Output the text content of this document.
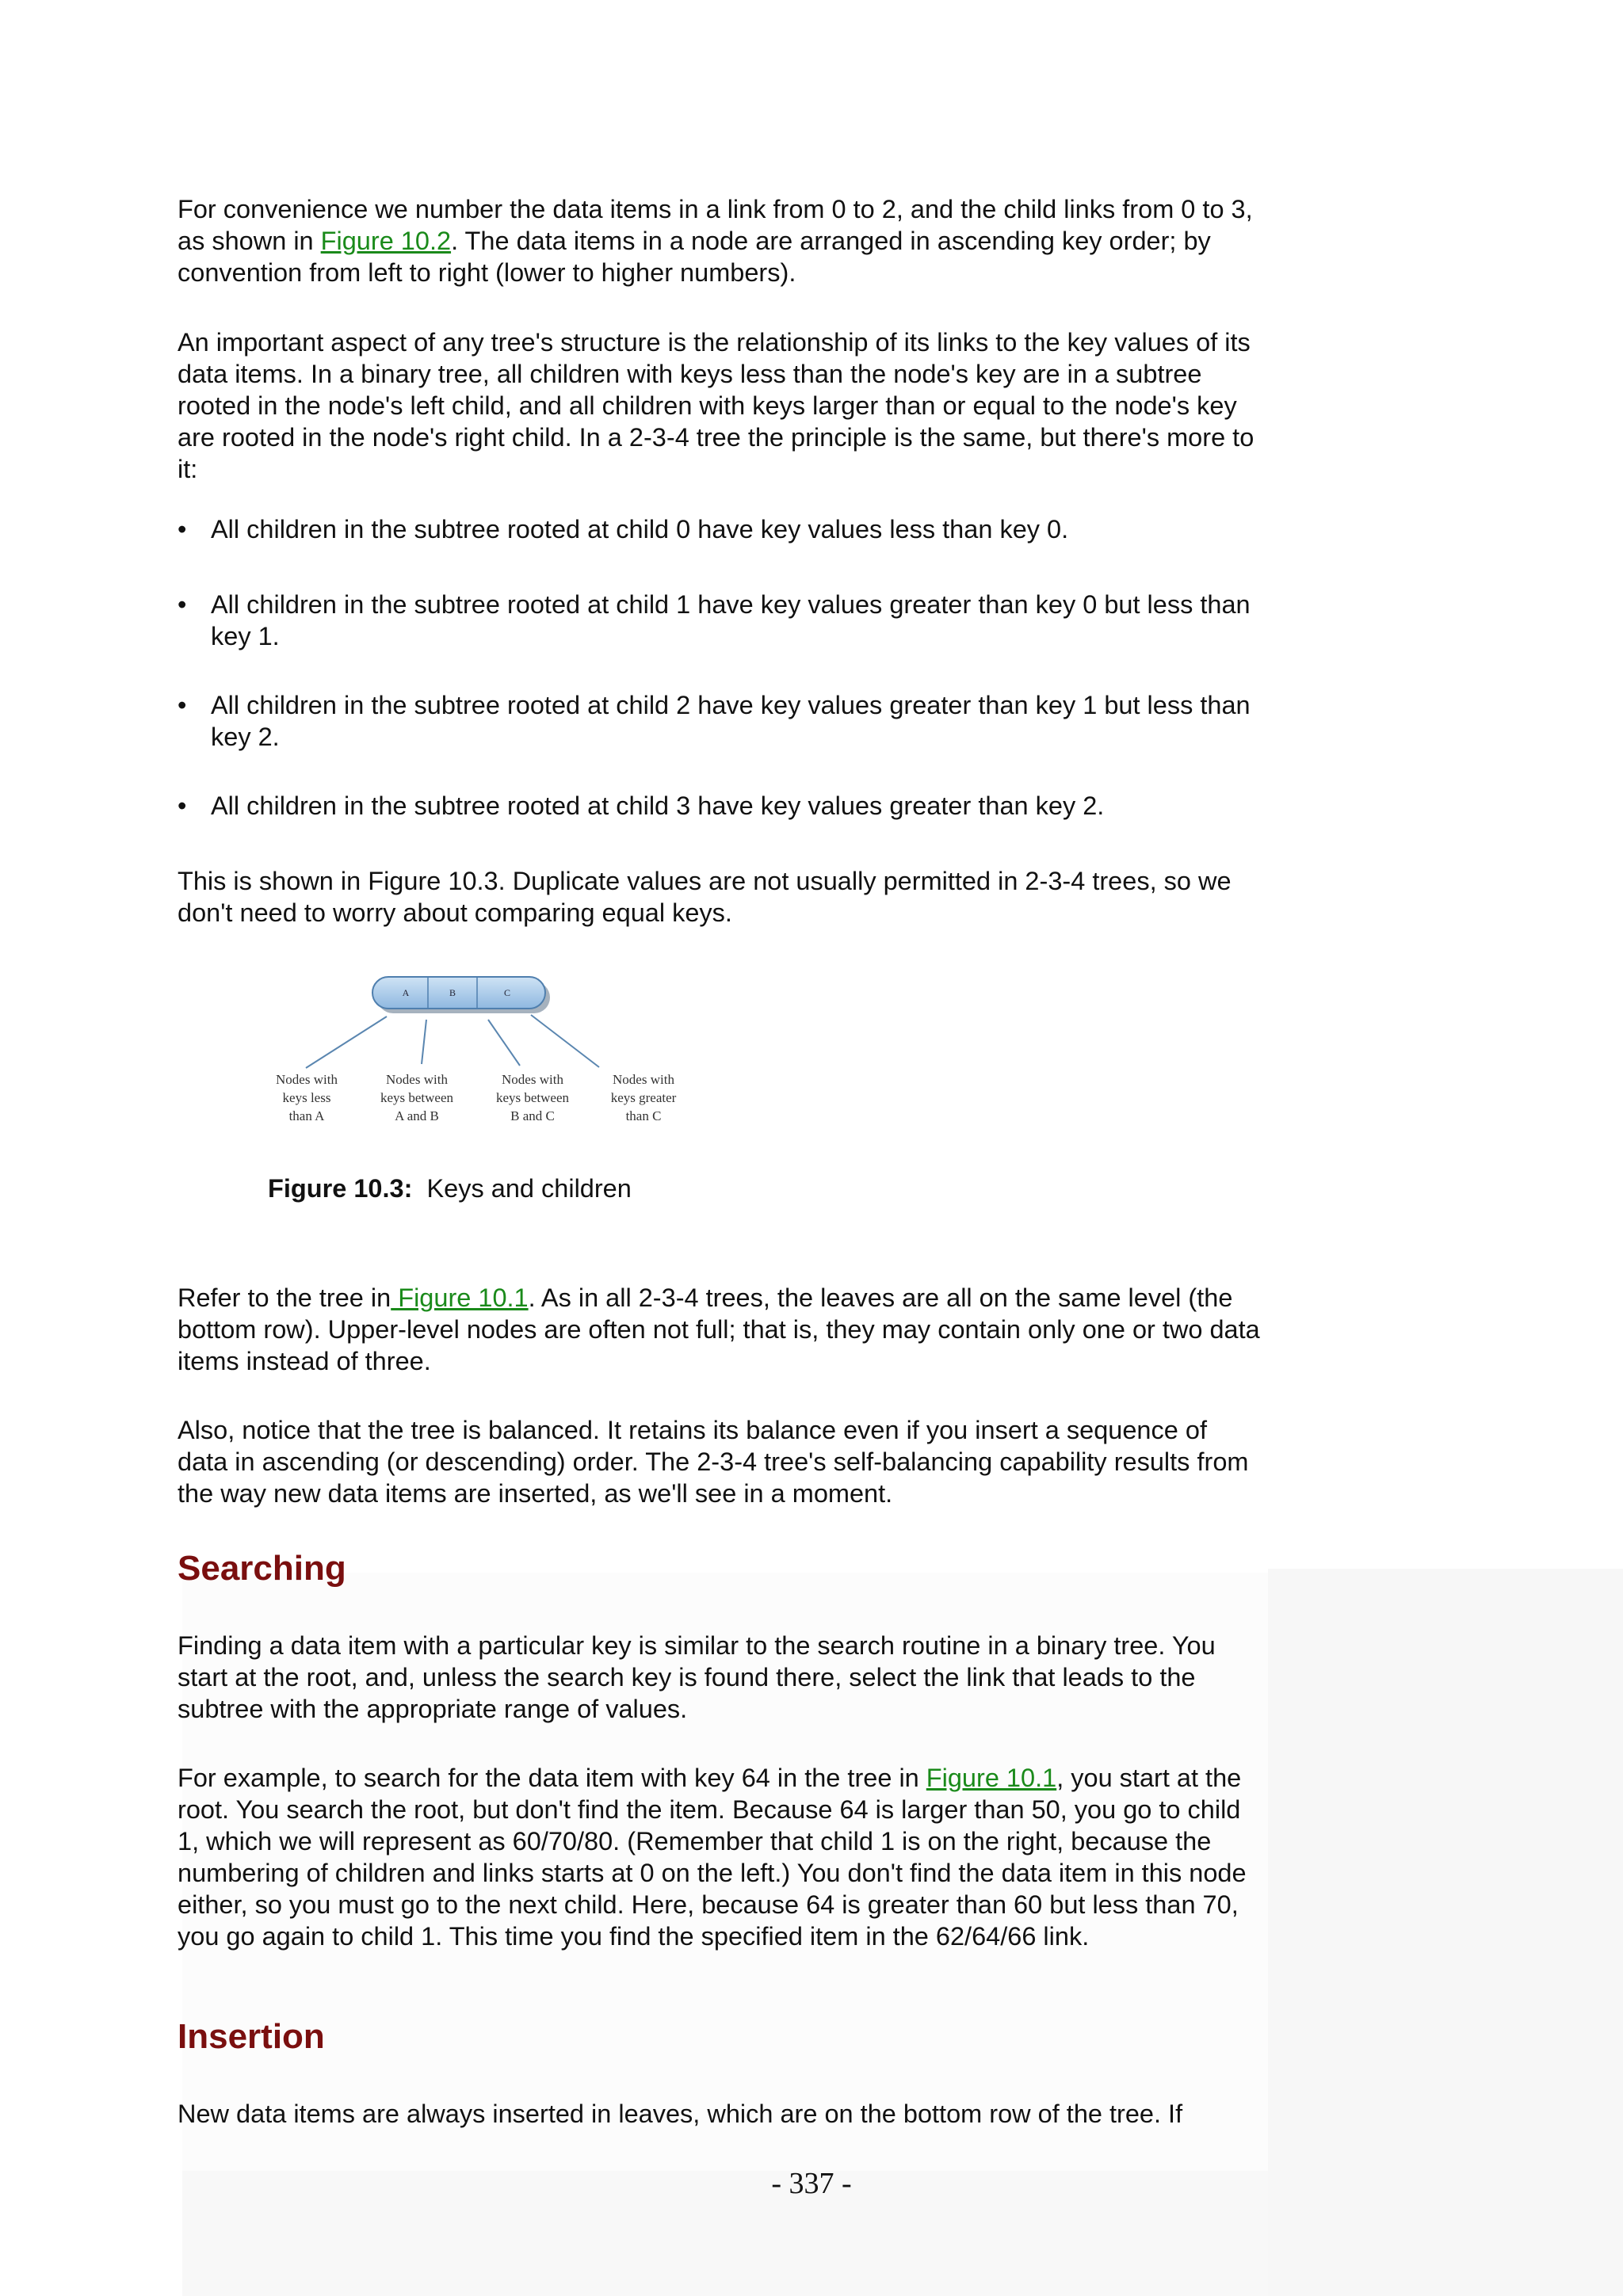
For convenience we number the data items in a link from 0 to 2, and the child links from 0 to 3, as shown in Figure 10.2. The data items in a node are arranged in ascending key order; by convention from left to right (lower to higher numbers).

An important aspect of any tree's structure is the relationship of its links to the key values of its data items. In a binary tree, all children with keys less than the node's key are in a subtree rooted in the node's left child, and all children with keys larger than or equal to the node's key are rooted in the node's right child. In a 2-3-4 tree the principle is the same, but there's more to it:

• All children in the subtree rooted at child 0 have key values less than key 0.

• All children in the subtree rooted at child 1 have key values greater than key 0 but less than key 1.

• All children in the subtree rooted at child 2 have key values greater than key 1 but less than key 2.

• All children in the subtree rooted at child 3 have key values greater than key 2.

This is shown in Figure 10.3. Duplicate values are not usually permitted in 2-3-4 trees, so we don't need to worry about comparing equal keys.

Refer to the tree in Figure 10.1. As in all 2-3-4 trees, the leaves are all on the same level (the bottom row). Upper-level nodes are often not full; that is, they may contain only one or two data items instead of three.

Also, notice that the tree is balanced. It retains its balance even if you insert a sequence of data in ascending (or descending) order. The 2-3-4 tree's self-balancing capability results from the way new data items are inserted, as we'll see in a moment.

Searching

Finding a data item with a particular key is similar to the search routine in a binary tree. You start at the root, and, unless the search key is found there, select the link that leads to the subtree with the appropriate range of values.

For example, to search for the data item with key 64 in the tree in Figure 10.1, you start at the root. You search the root, but don't find the item. Because 64 is larger than 50, you go to child 1, which we will represent as 60/70/80. (Remember that child 1 is on the right, because the numbering of children and links starts at 0 on the left.) You don't find the data item in this node either, so you must go to the next child. Here, because 64 is greater than 60 but less than 70, you go again to child 1. This time you find the specified item in the 62/64/66 link.

Insertion

New data items are always inserted in leaves, which are on the bottom row of the tree. If

A	B	C
Nodes with
keys less
than A
Nodes with
keys between
A and B
Nodes with
keys between
B and C
Nodes with
keys greater
than C
Figure 10.3: Keys and children
- 337 -
